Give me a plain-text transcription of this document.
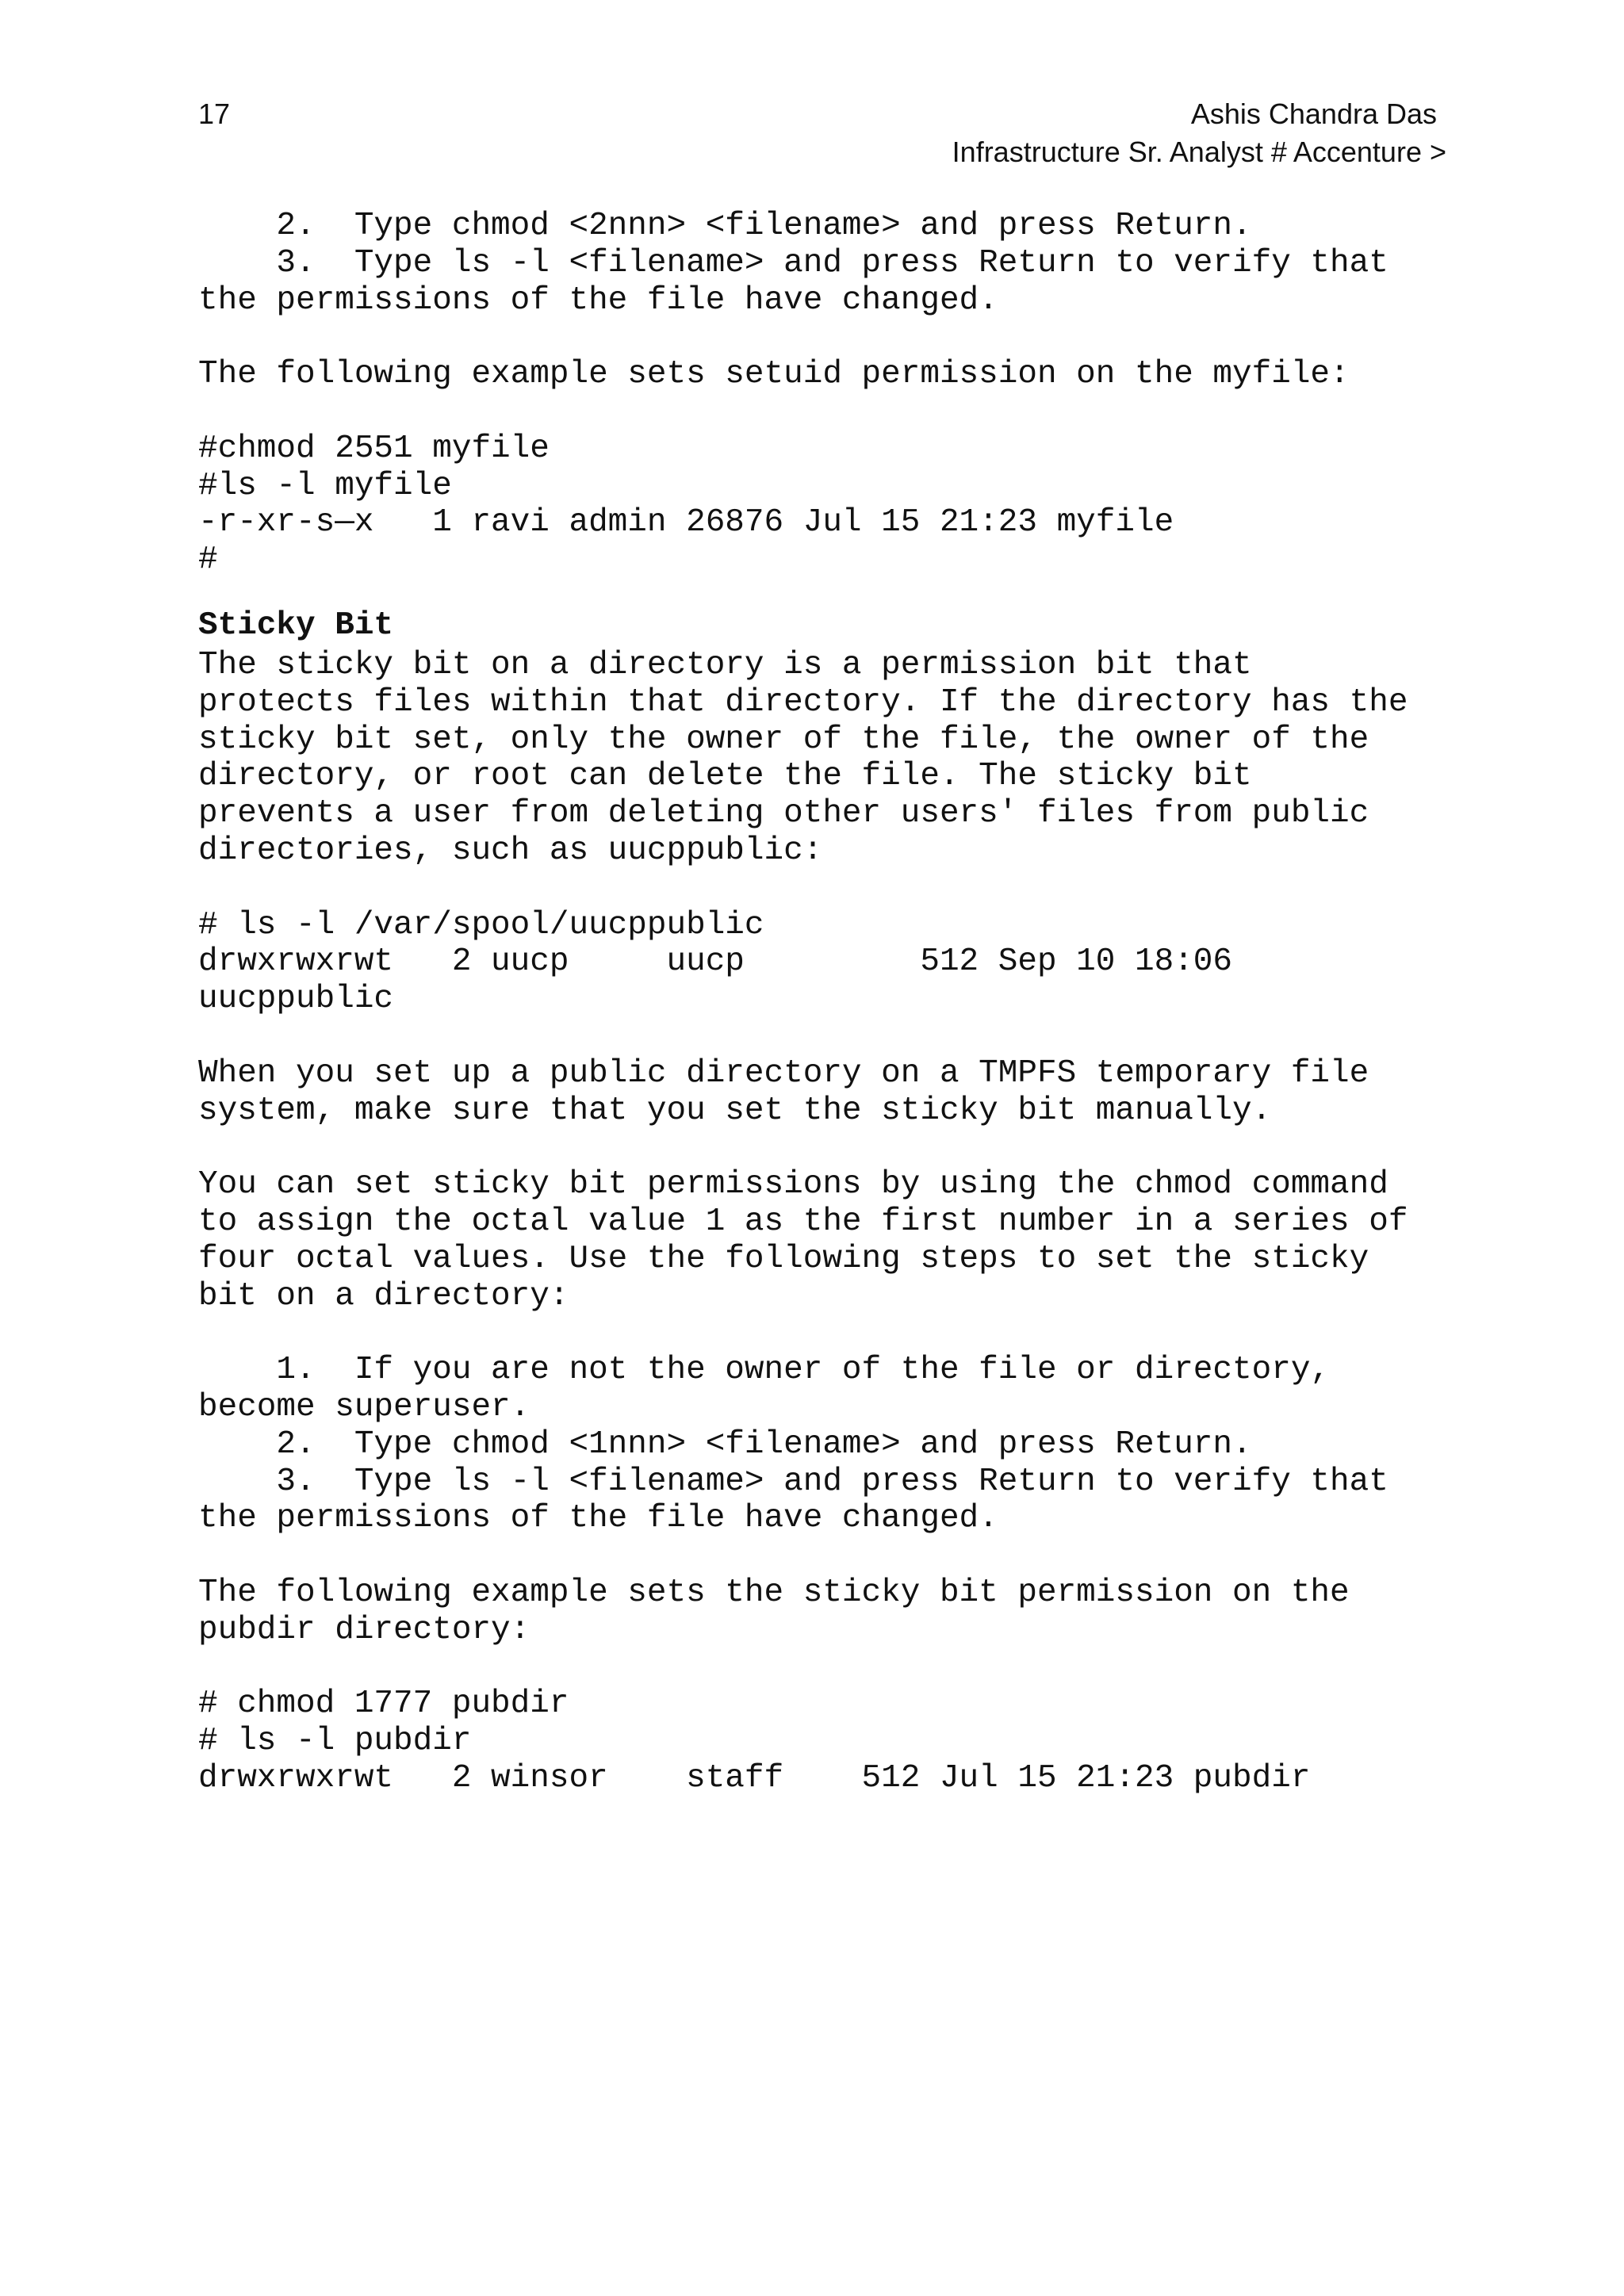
17	Ashis Chandra Das
Infrastructure Sr. Analyst # Accenture >
2.  Type chmod <2nnn> <filename> and press Return.
3.  Type ls -l <filename> and press Return to verify that
the permissions of the file have changed.
The following example sets setuid permission on the myfile:
#chmod 2551 myfile
#ls -l myfile
-r-xr-s—x   1 ravi admin 26876 Jul 15 21:23 myfile
#
Sticky Bit
The sticky bit on a directory is a permission bit that
protects files within that directory. If the directory has the
sticky bit set, only the owner of the file, the owner of the
directory, or root can delete the file. The sticky bit
prevents a user from deleting other users' files from public
directories, such as uucppublic:
# ls -l /var/spool/uucppublic
drwxrwxrwt   2 uucp     uucp         512 Sep 10 18:06
uucppublic
When you set up a public directory on a TMPFS temporary file
system, make sure that you set the sticky bit manually.
You can set sticky bit permissions by using the chmod command
to assign the octal value 1 as the first number in a series of
four octal values. Use the following steps to set the sticky
bit on a directory:
1.  If you are not the owner of the file or directory,
become superuser.
2.  Type chmod <1nnn> <filename> and press Return.
3.  Type ls -l <filename> and press Return to verify that
the permissions of the file have changed.
The following example sets the sticky bit permission on the
pubdir directory:
# chmod 1777 pubdir
# ls -l pubdir
drwxrwxrwt   2 winsor    staff    512 Jul 15 21:23 pubdir
